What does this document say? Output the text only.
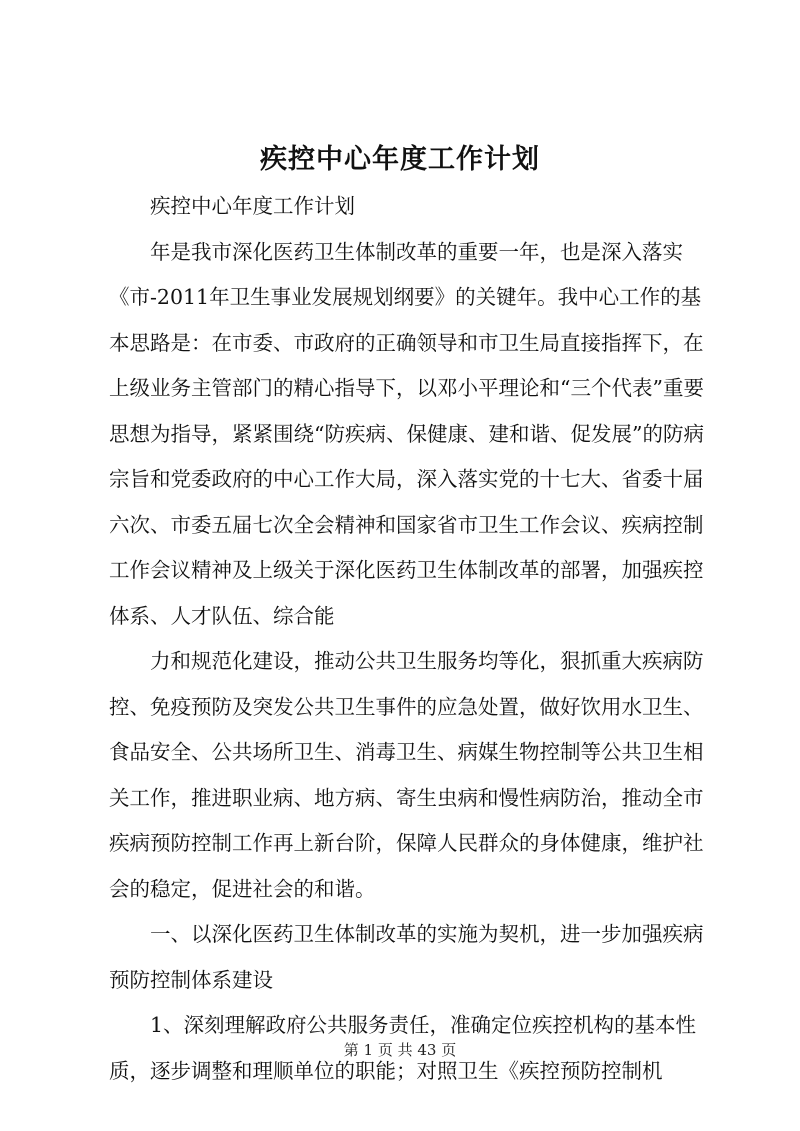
疾控中心年度工作计划

疾控中心年度工作计划

年是我市深化医药卫生体制改革的重要一年，也是深入落实《市-2011年卫生事业发展规划纲要》的关键年。我中心工作的基本思路是：在市委、市政府的正确领导和市卫生局直接指挥下，在上级业务主管部门的精心指导下，以邓小平理论和“三个代表”重要思想为指导，紧紧围绕“防疾病、保健康、建和谐、促发展”的防病宗旨和党委政府的中心工作大局，深入落实党的十七大、省委十届六次、市委五届七次全会精神和国家省市卫生工作会议、疾病控制工作会议精神及上级关于深化医药卫生体制改革的部署，加强疾控体系、人才队伍、综合能

力和规范化建设，推动公共卫生服务均等化，狠抓重大疾病防控、免疫预防及突发公共卫生事件的应急处置，做好饮用水卫生、食品安全、公共场所卫生、消毒卫生、病媒生物控制等公共卫生相关工作，推进职业病、地方病、寄生虫病和慢性病防治，推动全市疾病预防控制工作再上新台阶，保障人民群众的身体健康，维护社会的稳定，促进社会的和谐。

一、以深化医药卫生体制改革的实施为契机，进一步加强疾病预防控制体系建设

1、深刻理解政府公共服务责任，准确定位疾控机构的基本性质，逐步调整和理顺单位的职能；对照卫生《疾控预防控制机

第 1 页 共 43 页
